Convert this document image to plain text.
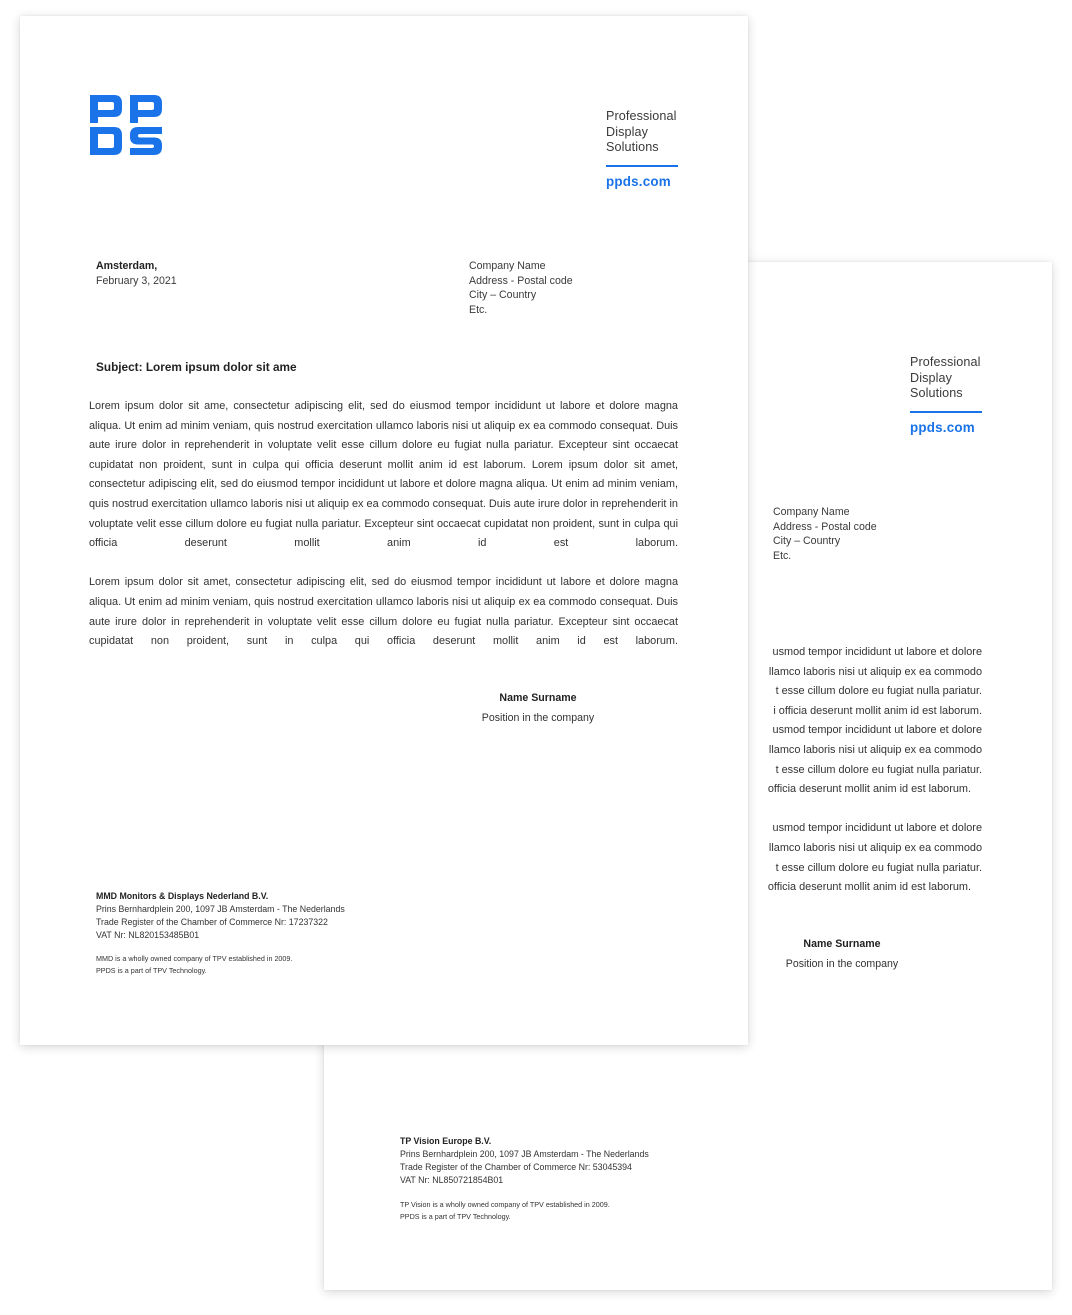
Professional
Display
Solutions
ppds.com
Company Name
Address - Postal code
City – Country
Etc.
usmod tempor incididunt ut labore et dolore
llamco laboris nisi ut aliquip ex ea commodo
t esse cillum dolore eu fugiat nulla pariatur.
i officia deserunt mollit anim id est laborum.
usmod tempor incididunt ut labore et dolore
llamco laboris nisi ut aliquip ex ea commodo
t esse cillum dolore eu fugiat nulla pariatur.
officia deserunt mollit anim id est laborum.
usmod tempor incididunt ut labore et dolore
llamco laboris nisi ut aliquip ex ea commodo
t esse cillum dolore eu fugiat nulla pariatur.
officia deserunt mollit anim id est laborum.
Name Surname
Position in the company
TP Vision Europe B.V.
Prins Bernhardplein 200, 1097 JB Amsterdam - The Nederlands
Trade Register of the Chamber of Commerce Nr: 53045394
VAT Nr: NL850721854B01
TP Vision is a wholly owned company of TPV established in 2009.
PPDS is a part of TPV Technology.
Professional
Display
Solutions
ppds.com
Amsterdam,
February 3, 2021
Company Name
Address - Postal code
City – Country
Etc.
Subject: Lorem ipsum dolor sit ame

Lorem ipsum dolor sit ame, consectetur adipiscing elit, sed do eiusmod tempor incididunt ut labore et dolore magna aliqua. Ut enim ad minim veniam, quis nostrud exercitation ullamco laboris nisi ut aliquip ex ea commodo consequat. Duis aute irure dolor in reprehenderit in voluptate velit esse cillum dolore eu fugiat nulla pariatur. Excepteur sint occaecat cupidatat non proident, sunt in culpa qui officia deserunt mollit anim id est laborum. Lorem ipsum dolor sit amet, consectetur adipiscing elit, sed do eiusmod tempor incididunt ut labore et dolore magna aliqua. Ut enim ad minim veniam, quis nostrud exercitation ullamco laboris nisi ut aliquip ex ea commodo consequat. Duis aute irure dolor in reprehenderit in voluptate velit esse cillum dolore eu fugiat nulla pariatur. Excepteur sint occaecat cupidatat non proident, sunt in culpa qui officia deserunt mollit anim id est laborum.

Lorem ipsum dolor sit amet, consectetur adipiscing elit, sed do eiusmod tempor incididunt ut labore et dolore magna aliqua. Ut enim ad minim veniam, quis nostrud exercitation ullamco laboris nisi ut aliquip ex ea commodo consequat. Duis aute irure dolor in reprehenderit in voluptate velit esse cillum dolore eu fugiat nulla pariatur. Excepteur sint occaecat cupidatat non proident, sunt in culpa qui officia deserunt mollit anim id est laborum.

Name Surname
Position in the company
MMD Monitors & Displays Nederland B.V.
Prins Bernhardplein 200, 1097 JB Amsterdam - The Nederlands
Trade Register of the Chamber of Commerce Nr: 17237322
VAT Nr: NL820153485B01
MMD is a wholly owned company of TPV established in 2009.
PPDS is a part of TPV Technology.
